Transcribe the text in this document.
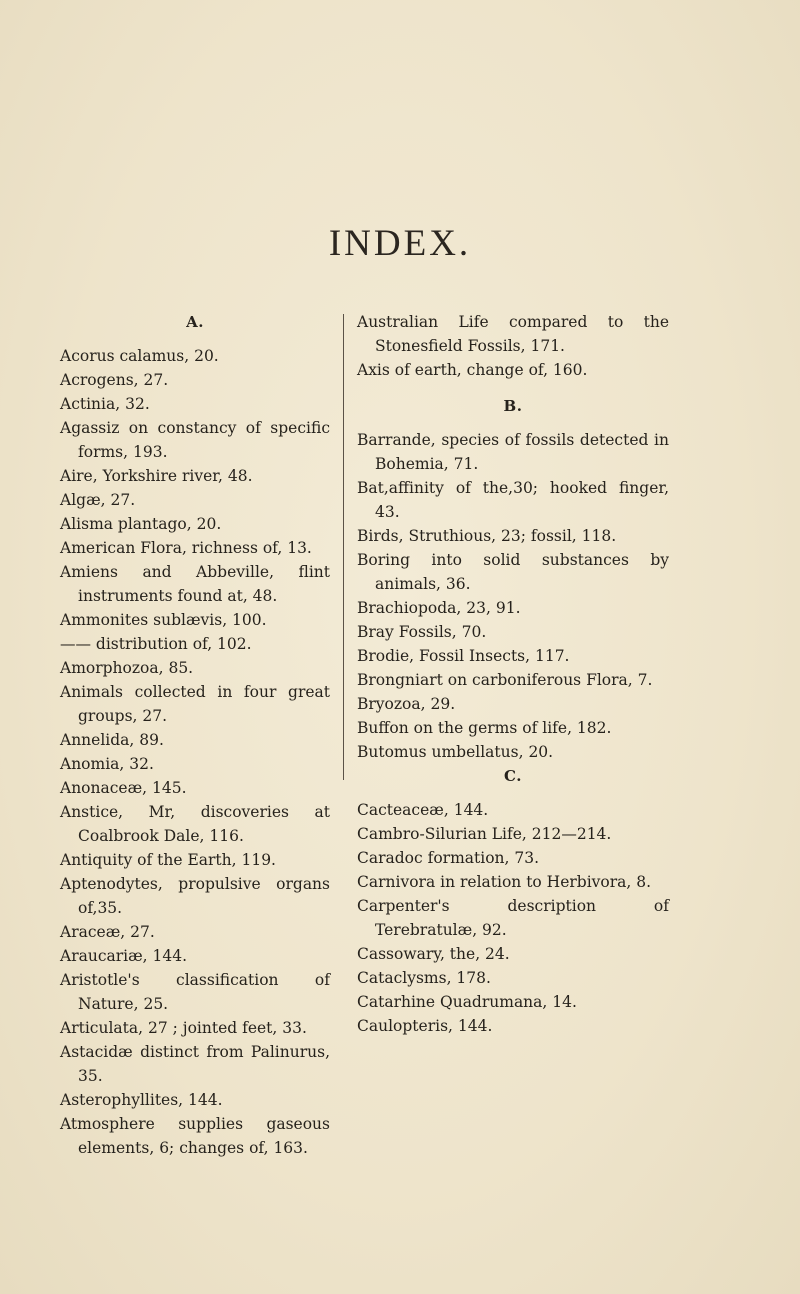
INDEX.
A.
Acorus calamus, 20.
Acrogens, 27.
Actinia, 32.
Agassiz on constancy of specific forms, 193.
Aire, Yorkshire river, 48.
Algæ, 27.
Alisma plantago, 20.
American Flora, richness of, 13.
Amiens and Abbeville, flint instruments found at, 48.
Ammonites sublævis, 100.
—— distribution of, 102.
Amorphozoa, 85.
Animals collected in four great groups, 27.
Annelida, 89.
Anomia, 32.
Anonaceæ, 145.
Anstice, Mr, discoveries at Coalbrook Dale, 116.
Antiquity of the Earth, 119.
Aptenodytes, propulsive organs of,35.
Araceæ, 27.
Araucariæ, 144.
Aristotle's classification of Nature, 25.
Articulata, 27 ; jointed feet, 33.
Astacidæ distinct from Palinurus, 35.
Asterophyllites, 144.
Atmosphere supplies gaseous elements, 6; changes of, 163.
Australian Life compared to the Stonesfield Fossils, 171.
Axis of earth, change of, 160.
B.
Barrande, species of fossils detected in Bohemia, 71.
Bat,affinity of the,30; hooked finger, 43.
Birds, Struthious, 23; fossil, 118.
Boring into solid substances by animals, 36.
Brachiopoda, 23, 91.
Bray Fossils, 70.
Brodie, Fossil Insects, 117.
Brongniart on carboniferous Flora, 7.
Bryozoa, 29.
Buffon on the germs of life, 182.
Butomus umbellatus, 20.
C.
Cacteaceæ, 144.
Cambro-Silurian Life, 212—214.
Caradoc formation, 73.
Carnivora in relation to Herbivora, 8.
Carpenter's description of Terebratulæ, 92.
Cassowary, the, 24.
Cataclysms, 178.
Catarhine Quadrumana, 14.
Caulopteris, 144.
